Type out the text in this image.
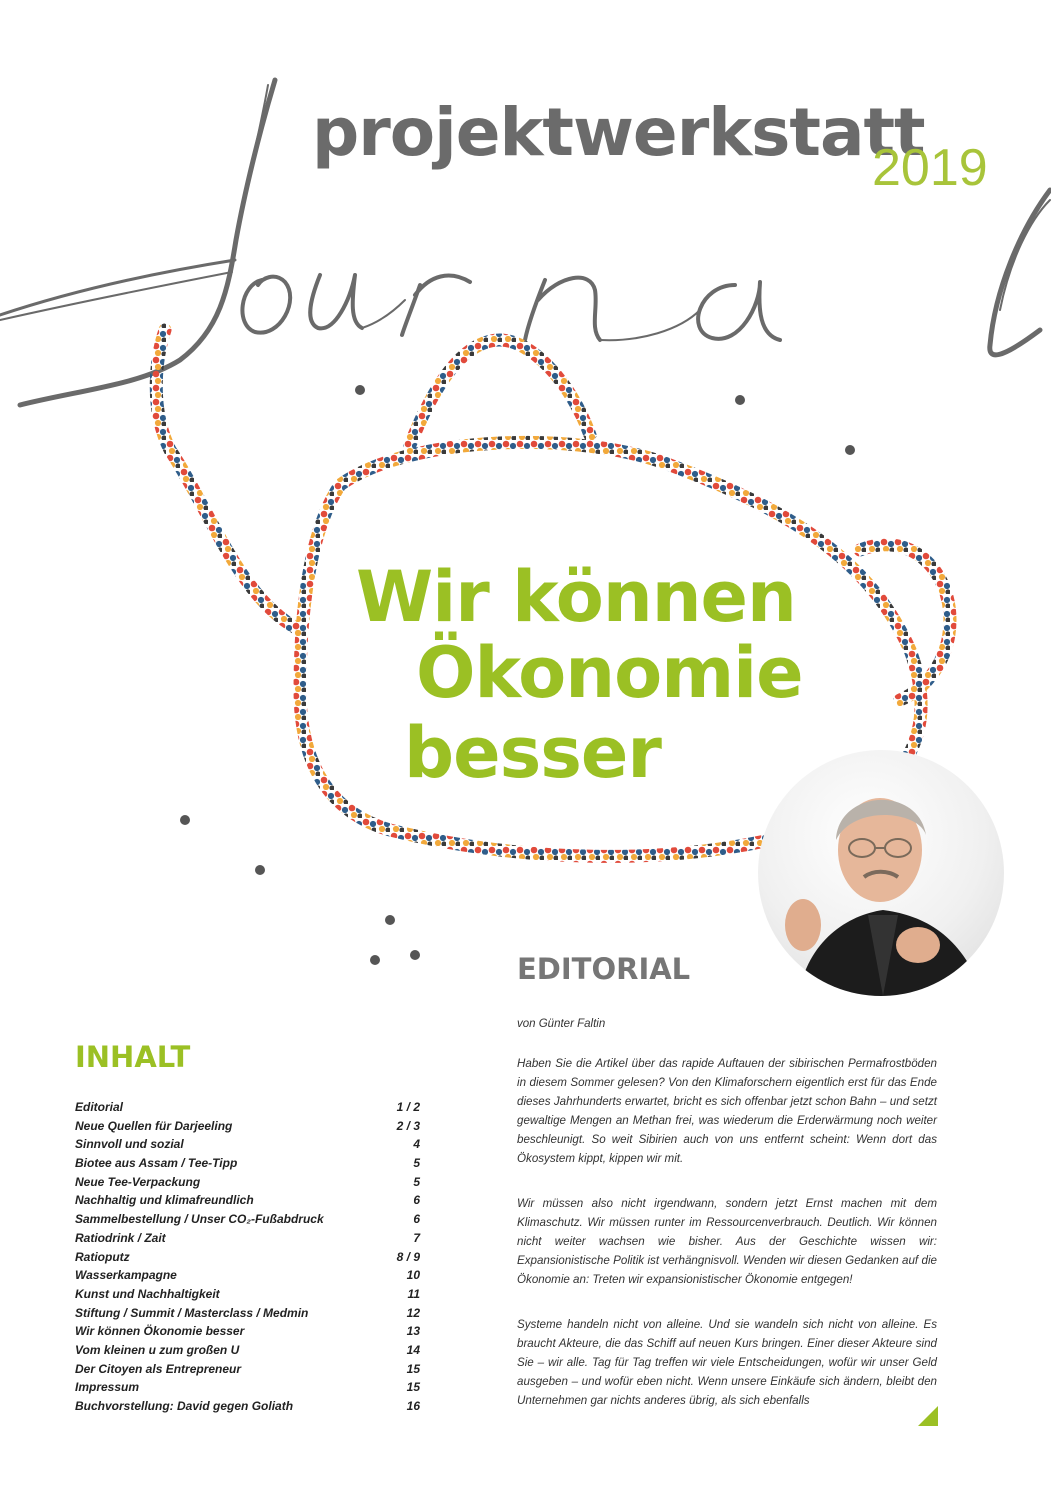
projektwerkstatt
2019
Wir können
Ökonomie
besser
EDITORIAL
von Günter Faltin
Haben Sie die Artikel über das rapide Auftauen der sibirischen Permafrostböden in diesem Sommer gelesen? Von den Klimaforschern eigentlich erst für das Ende dieses Jahrhunderts erwartet, bricht es sich offenbar jetzt schon Bahn – und setzt gewaltige Mengen an Methan frei, was wiederum die Erderwärmung noch weiter beschleunigt. So weit Sibirien auch von uns entfernt scheint: Wenn dort das Ökosystem kippt, kippen wir mit.
Wir müssen also nicht irgendwann, sondern jetzt Ernst machen mit dem Klimaschutz. Wir müssen runter im Ressourcenverbrauch. Deutlich. Wir können nicht weiter wachsen wie bisher. Aus der Geschichte wissen wir: Expansionistische Politik ist verhängnisvoll. Wenden wir diesen Gedanken auf die Ökonomie an: Treten wir expansionistischer Ökonomie entgegen!
Systeme handeln nicht von alleine. Und sie wandeln sich nicht von alleine. Es braucht Akteure, die das Schiff auf neuen Kurs bringen. Einer dieser Akteure sind Sie – wir alle. Tag für Tag treffen wir viele Entscheidungen, wofür wir unser Geld ausgeben – und wofür eben nicht. Wenn unsere Einkäufe sich ändern, bleibt den Unternehmen gar nichts anderes übrig, als sich ebenfalls
INHALT
Editorial	1 / 2
Neue Quellen für Darjeeling	2 / 3
Sinnvoll und sozial	4
Biotee aus Assam / Tee-Tipp	5
Neue Tee-Verpackung	5
Nachhaltig und klimafreundlich	6
Sammelbestellung / Unser CO₂-Fußabdruck	6
Ratiodrink / Zait	7
Ratioputz	8 / 9
Wasserkampagne	10
Kunst und Nachhaltigkeit	11
Stiftung / Summit / Masterclass / Medmin	12
Wir können Ökonomie besser	13
Vom kleinen u zum großen U	14
Der Citoyen als Entrepreneur	15
Impressum	15
Buchvorstellung: David gegen Goliath	16
